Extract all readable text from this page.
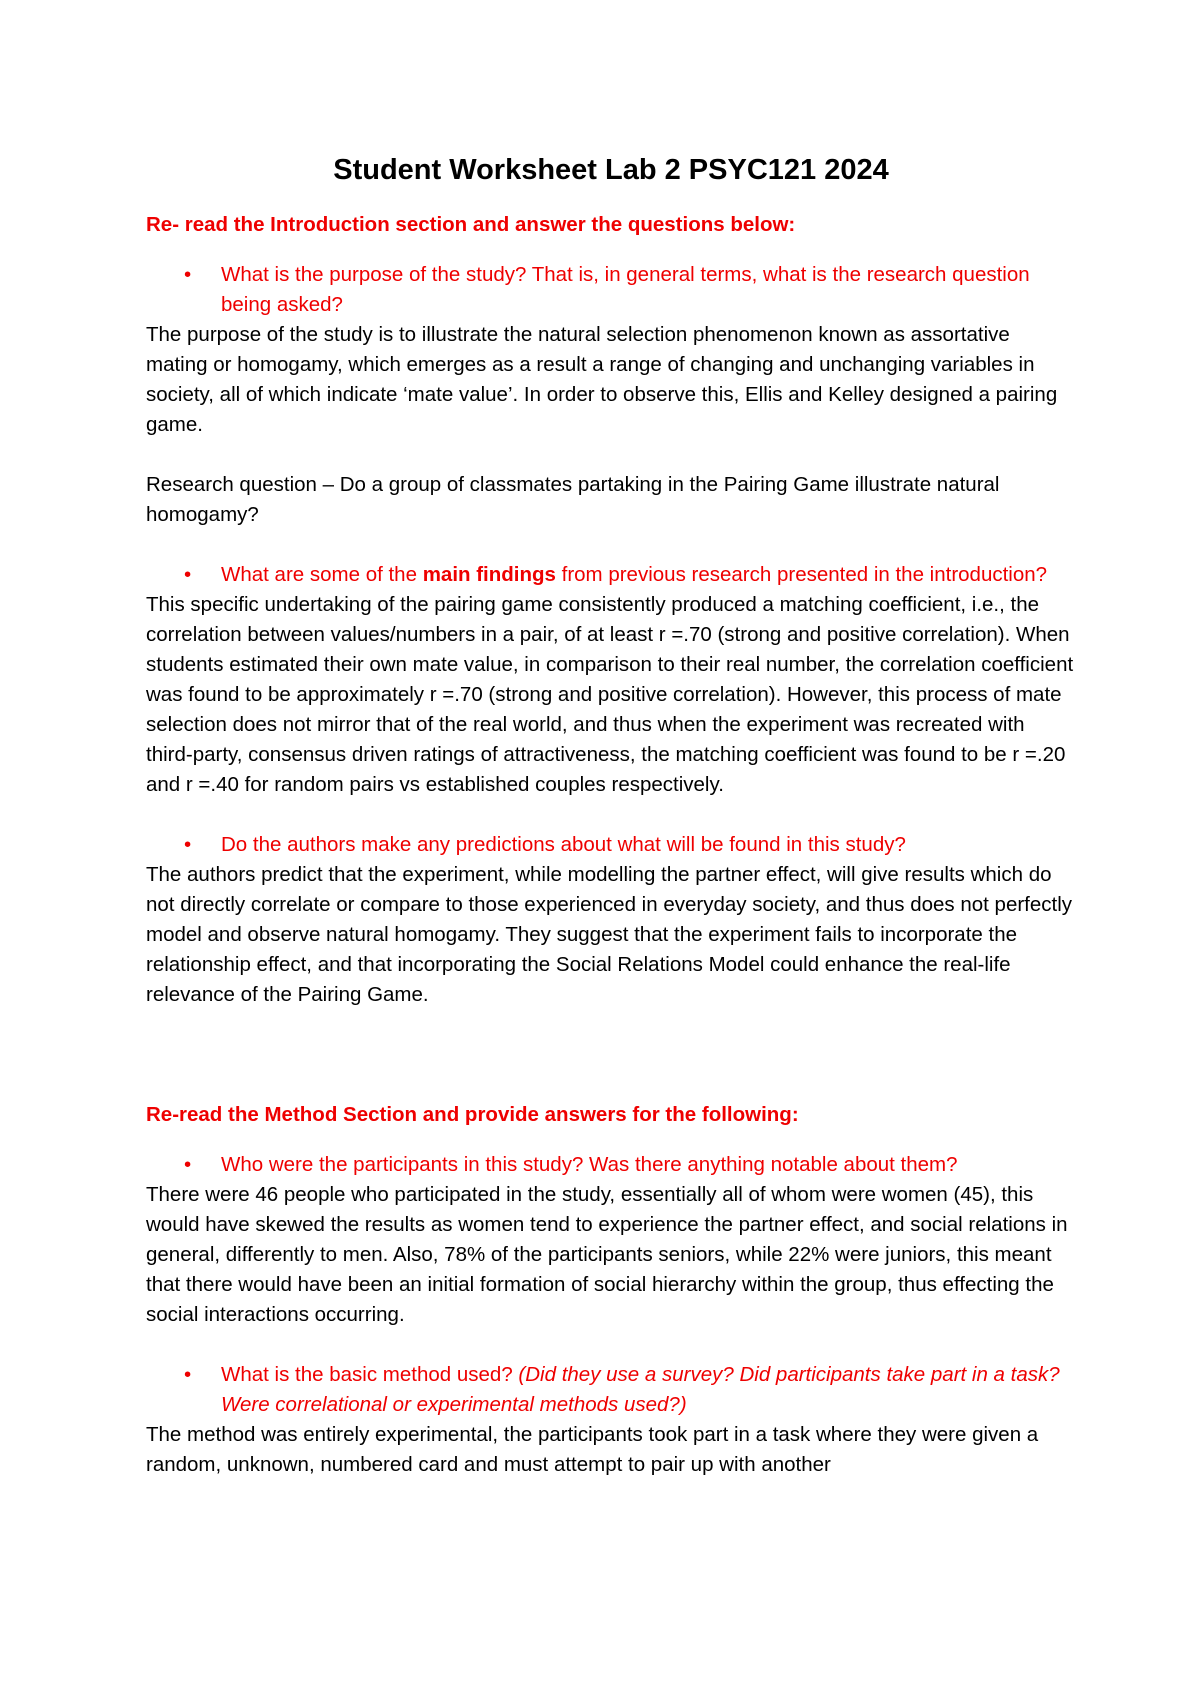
Student Worksheet Lab 2 PSYC121 2024

Re- read the Introduction section and answer the questions below:

• What is the purpose of the study? That is, in general terms, what is the research question being asked?

The purpose of the study is to illustrate the natural selection phenomenon known as assortative mating or homogamy, which emerges as a result a range of changing and unchanging variables in society, all of which indicate ‘mate value’. In order to observe this, Ellis and Kelley designed a pairing game.

Research question – Do a group of classmates partaking in the Pairing Game illustrate natural homogamy?

• What are some of the main findings from previous research presented in the introduction?

This specific undertaking of the pairing game consistently produced a matching coefficient, i.e., the correlation between values/numbers in a pair, of at least r =.70 (strong and positive correlation). When students estimated their own mate value, in comparison to their real number, the correlation coefficient was found to be approximately r =.70 (strong and positive correlation). However, this process of mate selection does not mirror that of the real world, and thus when the experiment was recreated with third-party, consensus driven ratings of attractiveness, the matching coefficient was found to be r =.20 and r =.40 for random pairs vs established couples respectively.

• Do the authors make any predictions about what will be found in this study?

The authors predict that the experiment, while modelling the partner effect, will give results which do not directly correlate or compare to those experienced in everyday society, and thus does not perfectly model and observe natural homogamy. They suggest that the experiment fails to incorporate the relationship effect, and that incorporating the Social Relations Model could enhance the real-life relevance of the Pairing Game.

Re-read the Method Section and provide answers for the following:

• Who were the participants in this study? Was there anything notable about them?

There were 46 people who participated in the study, essentially all of whom were women (45), this would have skewed the results as women tend to experience the partner effect, and social relations in general, differently to men. Also, 78% of the participants seniors, while 22% were juniors, this meant that there would have been an initial formation of social hierarchy within the group, thus effecting the social interactions occurring.

• What is the basic method used? (Did they use a survey? Did participants take part in a task? Were correlational or experimental methods used?)

The method was entirely experimental, the participants took part in a task where they were given a random, unknown, numbered card and must attempt to pair up with another
